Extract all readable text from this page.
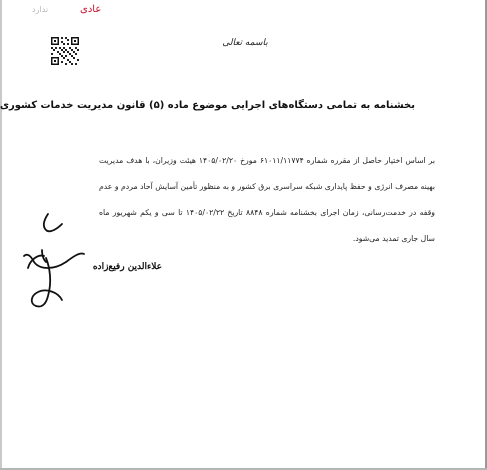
عادی
ندارد
باسمه تعالی
بخشنامه به تمامی دستگاه‌های اجرایی موضوع ماده (۵) قانون مدیریت خدمات کشوری
بر اساس اختیار حاصل از مقرره شماره ۶۱۰۱۱/۱۱۷۷۴ مورخ ۱۴۰۵/۰۲/۲۰ هیئت وزیران، با هدف مدیریت بهینه مصرف انرژی و حفظ پایداری شبکه سراسری برق کشور و به منظور تأمین آسایش آحاد مردم و عدم وقفه در خدمت‌رسانی، زمان اجرای بخشنامه شماره ۸۸۴۸ تاریخ ۱۴۰۵/۰۲/۲۲ تا سی و یکم شهریور ماه سال جاری تمدید می‌شود.
علاءالدین رفیع‌زاده
